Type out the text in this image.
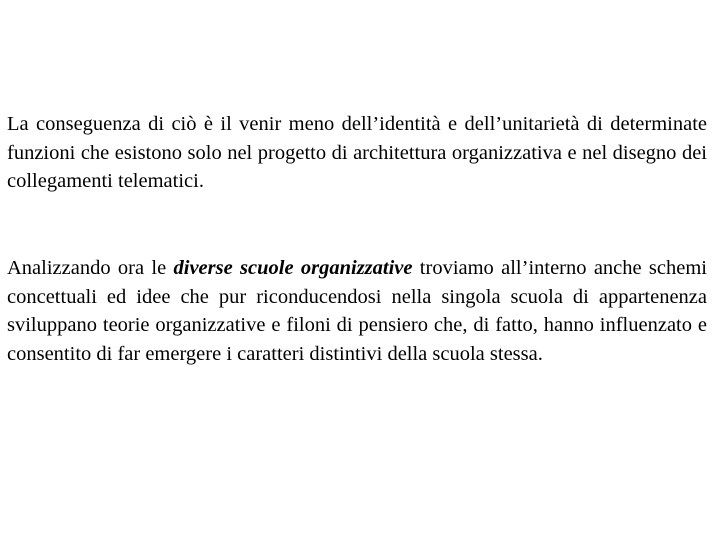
La conseguenza di ciò è il venir meno dell’identità e dell’unitarietà di determinate funzioni che esistono solo nel progetto di architettura organizzativa e nel disegno dei collegamenti telematici.

Analizzando ora le diverse scuole organizzative troviamo all’interno anche schemi concettuali ed idee che pur riconducendosi nella singola scuola di appartenenza sviluppano teorie organizzative e filoni di pensiero che, di fatto, hanno influenzato e consentito di far emergere i caratteri distintivi della scuola stessa.
